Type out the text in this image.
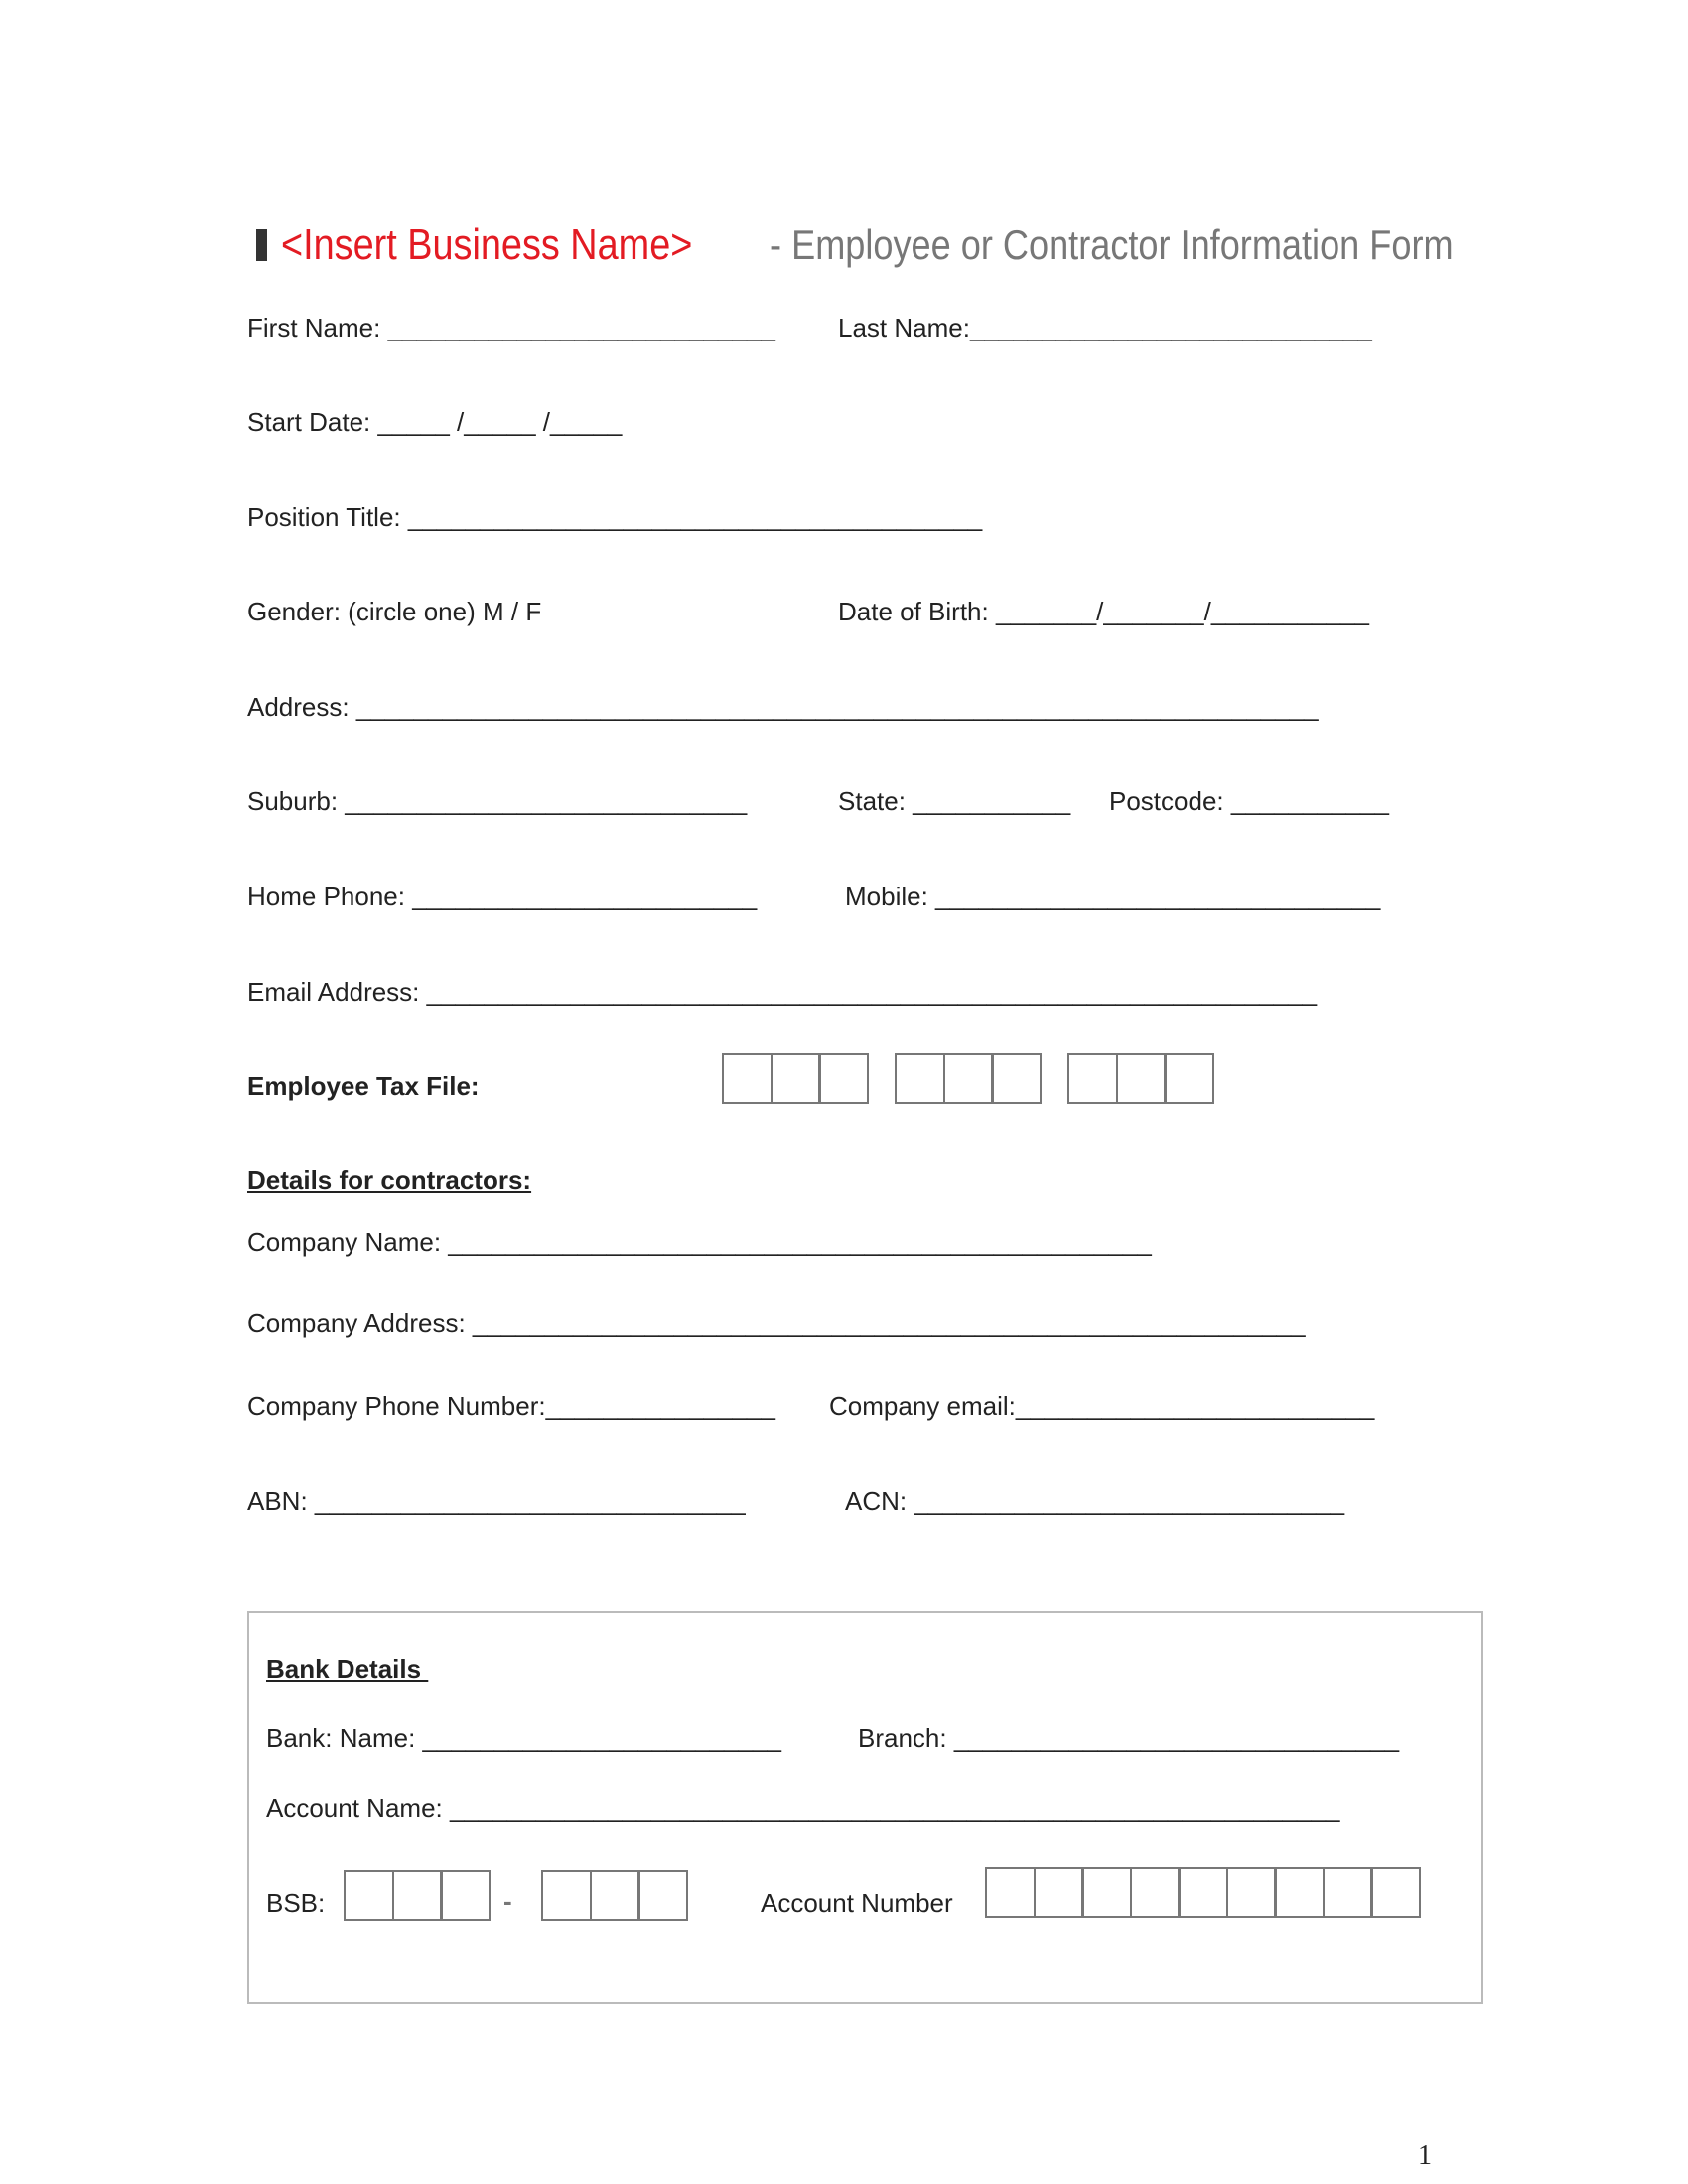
<Insert Business Name> - Employee or Contractor Information Form

First Name: ___________________________ Last Name:____________________________
Start Date: _____ /_____ /_____
Position Title: ________________________________________
Gender: (circle one) M / F	Date of Birth: _______/_______/___________
Address: ___________________________________________________________________
Suburb: ____________________________	State: ___________ Postcode: ___________
Home Phone: ________________________	Mobile: _______________________________
Email Address: ______________________________________________________________
Employee Tax File:
Details for contractors:
Company Name: _________________________________________________
Company Address: __________________________________________________________
Company Phone Number:________________ Company email:_________________________
ABN: ______________________________	ACN: ______________________________
Bank Details
Bank: Name: _________________________	Branch: _______________________________
Account Name: ______________________________________________________________
BSB:	-	Account Number
1
